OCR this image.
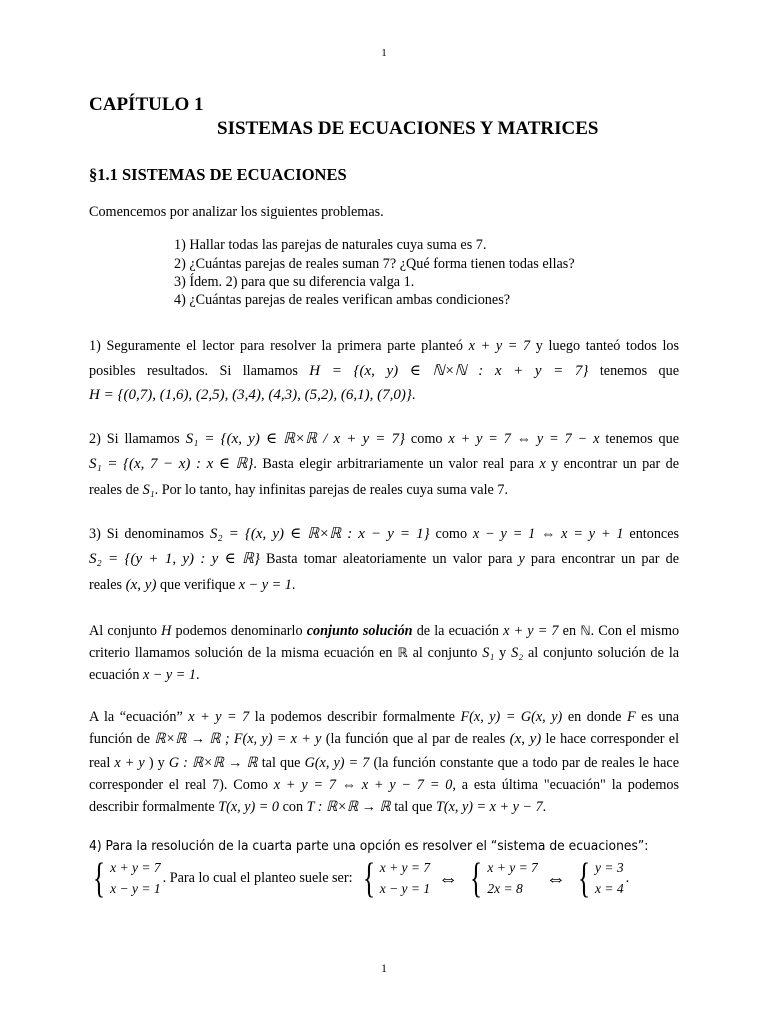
1
CAPÍTULO 1
SISTEMAS DE ECUACIONES Y MATRICES
§1.1 SISTEMAS DE ECUACIONES

Comencemos por analizar los siguientes problemas.

1) Hallar todas las parejas de naturales cuya suma es 7.
2) ¿Cuántas parejas de reales suman 7? ¿Qué forma tienen todas ellas?
3) Ídem. 2) para que su diferencia valga 1.
4) ¿Cuántas parejas de reales verifican ambas condiciones?

1) Seguramente el lector para resolver la primera parte planteó x + y = 7 y luego tanteó todos los

posibles resultados. Si llamamos H = {(x, y) ∈ ℕ×ℕ : x + y = 7} tenemos que

H = {(0,7), (1,6), (2,5), (3,4), (4,3), (5,2), (6,1), (7,0)}.

2) Si llamamos S₁ = {(x, y) ∈ ℝ×ℝ / x + y = 7} como x + y = 7 ⇔ y = 7 − x tenemos que

S₁ = {(x, 7 − x) : x ∈ ℝ}. Basta elegir arbitrariamente un valor real para x y encontrar un par de

reales de S₁. Por lo tanto, hay infinitas parejas de reales cuya suma vale 7.

3) Si denominamos S₂ = {(x, y) ∈ ℝ×ℝ : x − y = 1} como x − y = 1 ⇔ x = y + 1 entonces

S₂ = {(y + 1, y) : y ∈ ℝ} Basta tomar aleatoriamente un valor para y para encontrar un par de

reales (x, y) que verifique x − y = 1.

Al conjunto H podemos denominarlo conjunto solución de la ecuación x + y = 7 en ℕ. Con el mismo criterio llamamos solución de la misma ecuación en ℝ al conjunto S₁ y S₂ al conjunto solución de la ecuación x − y = 1.

A la “ecuación” x + y = 7 la podemos describir formalmente F(x, y) = G(x, y) en donde F es una función de ℝ×ℝ → ℝ ; F(x, y) = x + y (la función que al par de reales (x, y) le hace corresponder el real x + y ) y G : ℝ×ℝ → ℝ tal que G(x, y) = 7 (la función constante que a todo par de reales le hace corresponder el real 7). Como x + y = 7 ⇔ x + y − 7 = 0, a esta última "ecuación" la podemos describir formalmente T(x, y) = 0 con T : ℝ×ℝ → ℝ tal que T(x, y) = x + y − 7.

4) Para la resolución de la cuarta parte una opción es resolver el “sistema de ecuaciones”:

{ x + y = 7
x − y = 1
. Para lo cual el planteo suele ser: { x + y = 7
x − y = 1 ⇔ { x + y = 7
2x = 8	⇔ { y = 3
x = 4
.
1
